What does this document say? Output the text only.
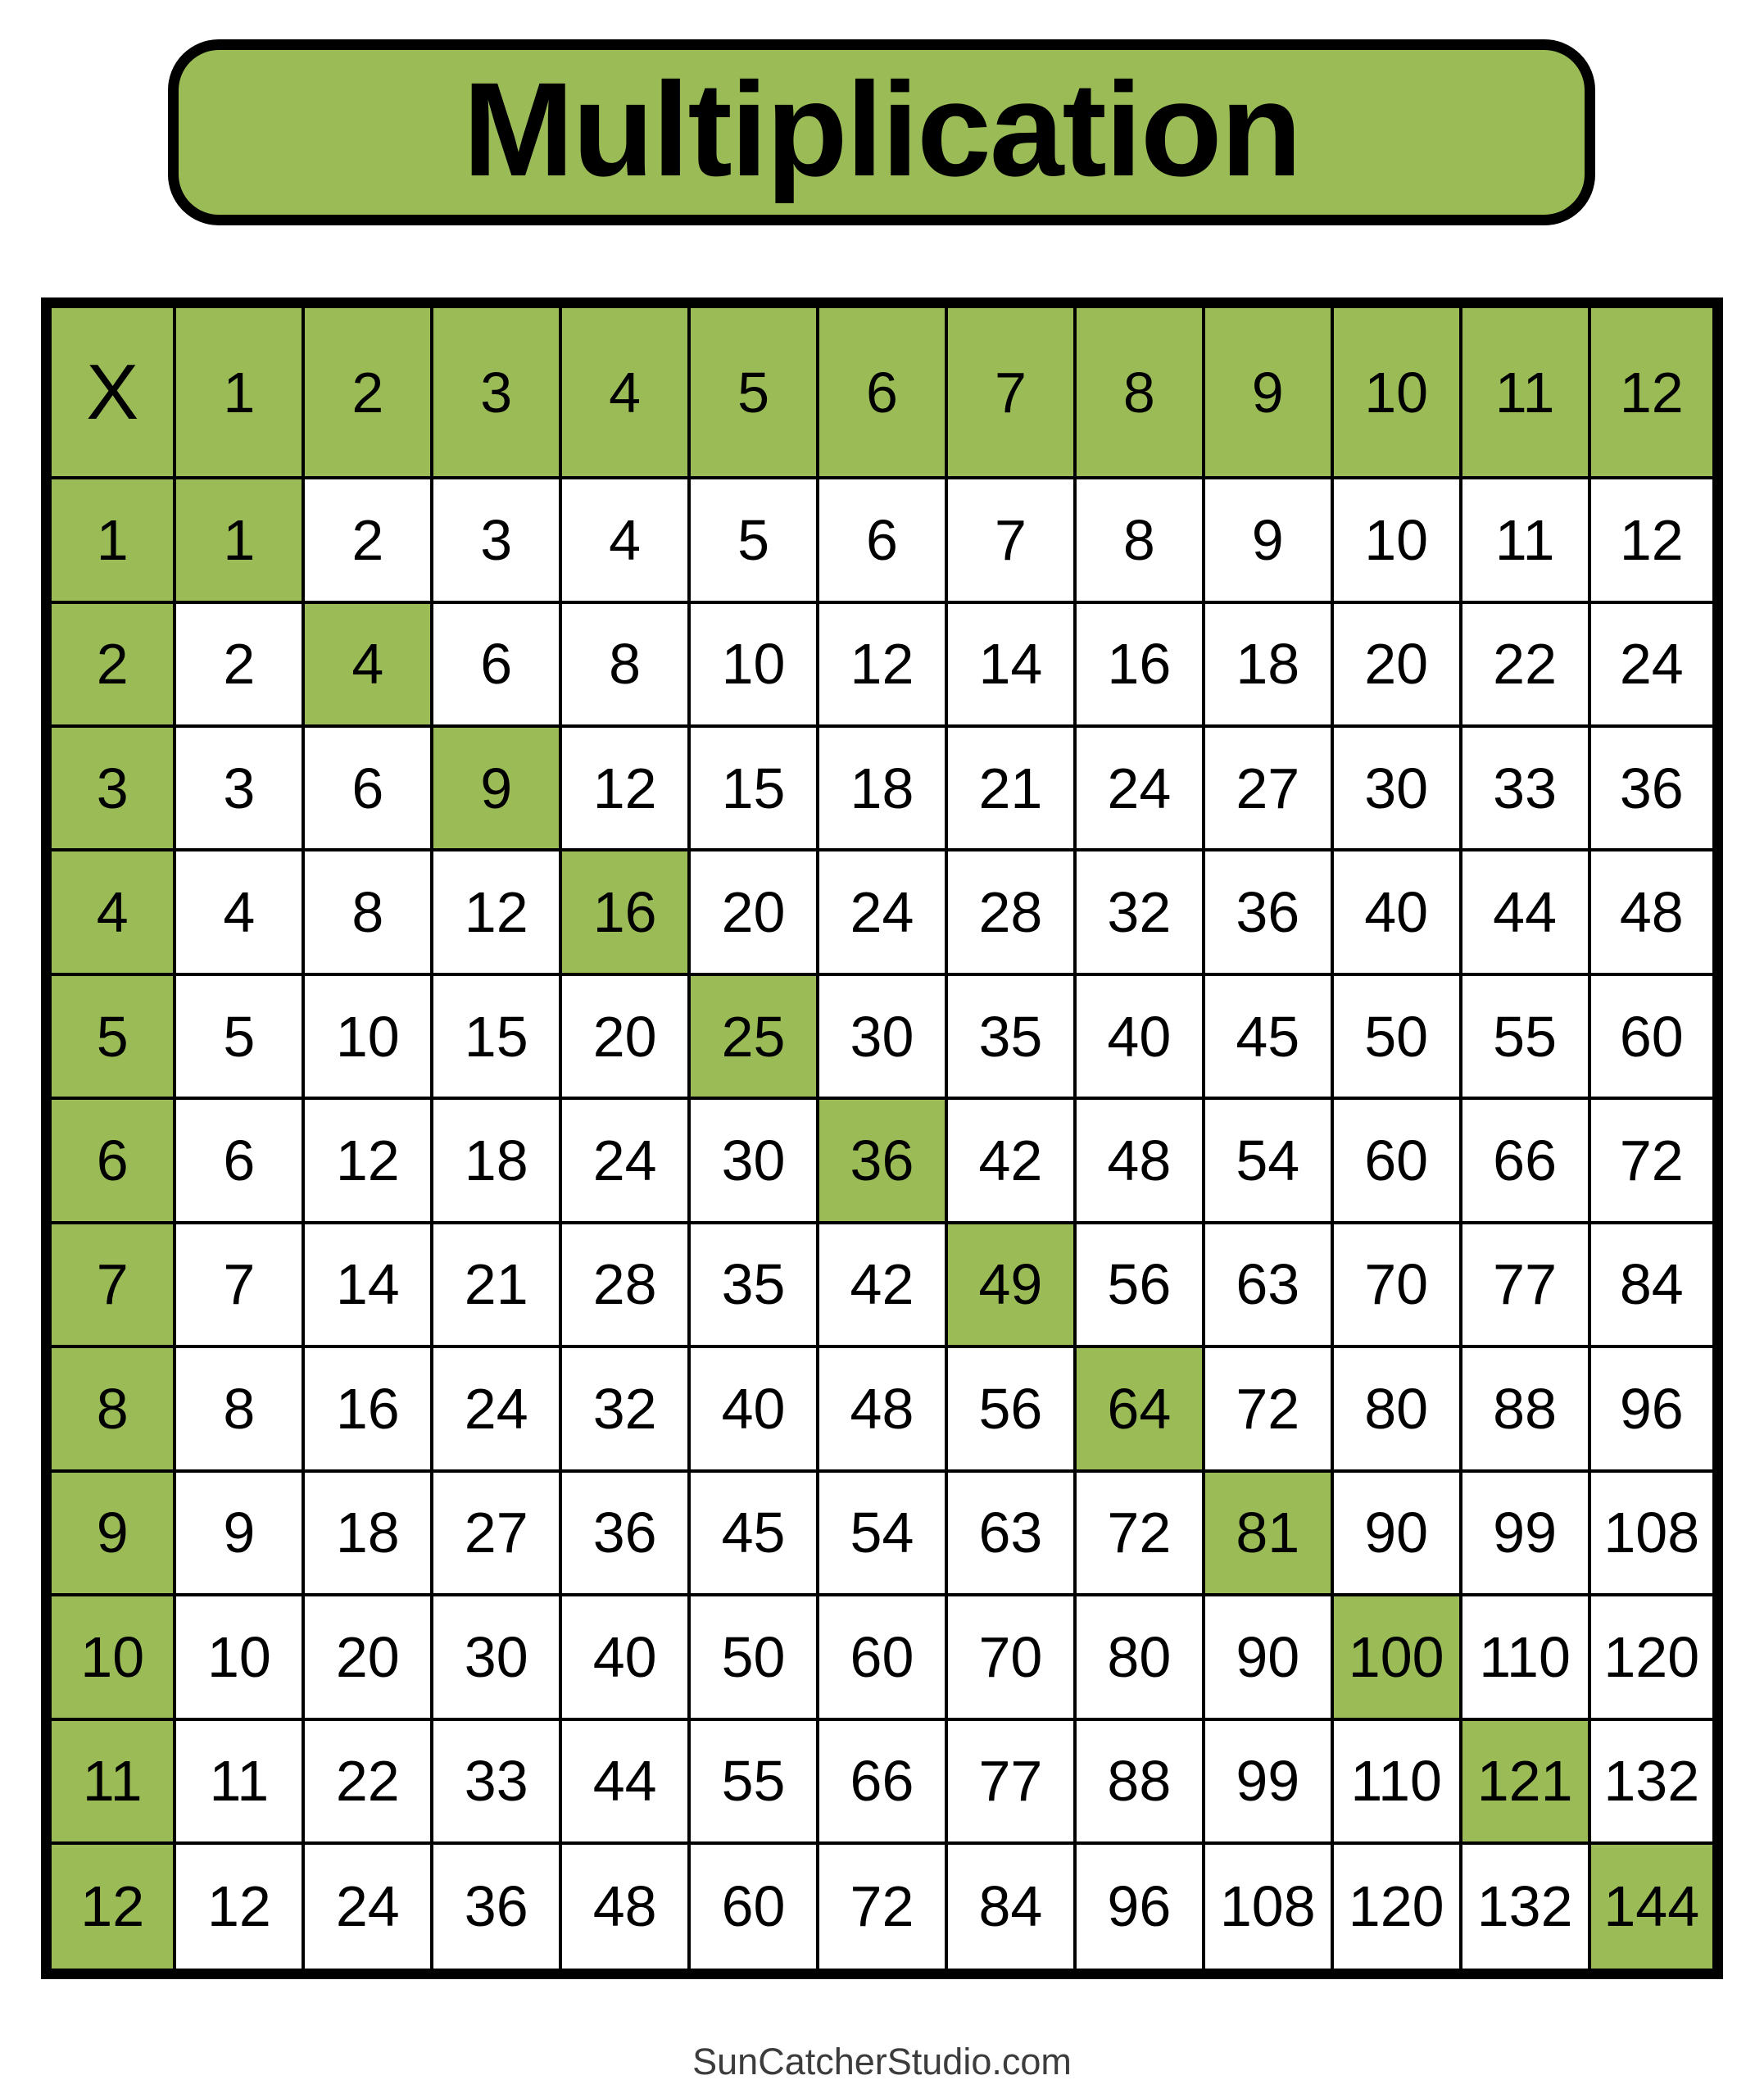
Multiplication
X	1	2	3	4	5	6	7	8	9	10	11	12
1	1	2	3	4	5	6	7	8	9	10	11	12
2	2	4	6	8	10	12	14	16	18	20	22	24
3	3	6	9	12	15	18	21	24	27	30	33	36
4	4	8	12	16	20	24	28	32	36	40	44	48
5	5	10	15	20	25	30	35	40	45	50	55	60
6	6	12	18	24	30	36	42	48	54	60	66	72
7	7	14	21	28	35	42	49	56	63	70	77	84
8	8	16	24	32	40	48	56	64	72	80	88	96
9	9	18	27	36	45	54	63	72	81	90	99	108
10	10	20	30	40	50	60	70	80	90	100	110	120
11	11	22	33	44	55	66	77	88	99	110	121	132
12	12	24	36	48	60	72	84	96	108	120	132	144
SunCatcherStudio.com
